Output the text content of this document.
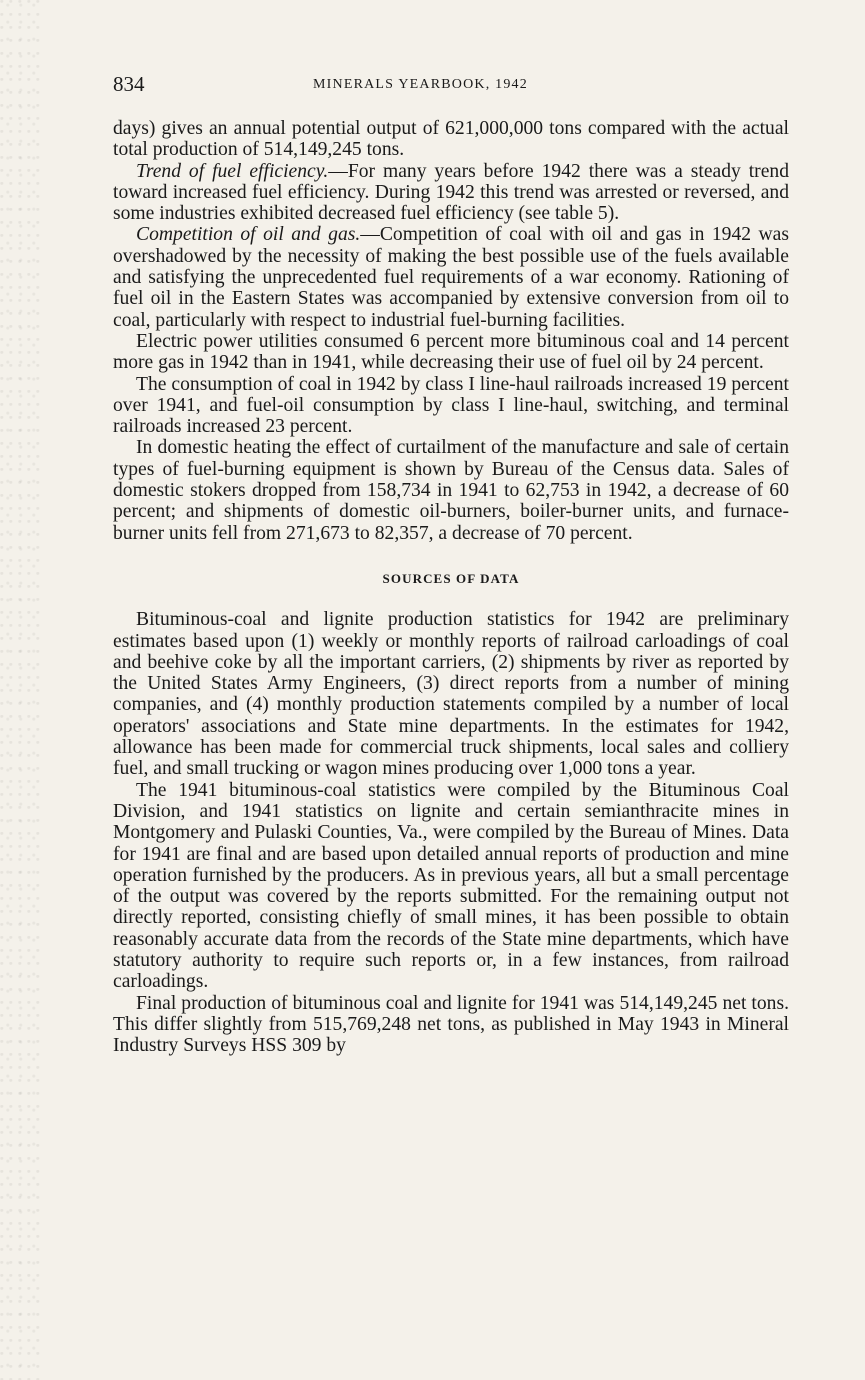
834	MINERALS YEARBOOK, 1942

days) gives an annual potential output of 621,000,000 tons compared with the actual total production of 514,149,245 tons.

Trend of fuel efficiency.—For many years before 1942 there was a steady trend toward increased fuel efficiency. During 1942 this trend was arrested or reversed, and some industries exhibited decreased fuel efficiency (see table 5).

Competition of oil and gas.—Competition of coal with oil and gas in 1942 was overshadowed by the necessity of making the best possible use of the fuels available and satisfying the unprecedented fuel requirements of a war economy. Rationing of fuel oil in the Eastern States was accompanied by extensive conversion from oil to coal, particularly with respect to industrial fuel-burning facilities.

Electric power utilities consumed 6 percent more bituminous coal and 14 percent more gas in 1942 than in 1941, while decreasing their use of fuel oil by 24 percent.

The consumption of coal in 1942 by class I line-haul railroads increased 19 percent over 1941, and fuel-oil consumption by class I line-haul, switching, and terminal railroads increased 23 percent.

In domestic heating the effect of curtailment of the manufacture and sale of certain types of fuel-burning equipment is shown by Bureau of the Census data. Sales of domestic stokers dropped from 158,734 in 1941 to 62,753 in 1942, a decrease of 60 percent; and shipments of domestic oil-burners, boiler-burner units, and furnace-burner units fell from 271,673 to 82,357, a decrease of 70 percent.

SOURCES OF DATA

Bituminous-coal and lignite production statistics for 1942 are preliminary estimates based upon (1) weekly or monthly reports of railroad carloadings of coal and beehive coke by all the important carriers, (2) shipments by river as reported by the United States Army Engineers, (3) direct reports from a number of mining companies, and (4) monthly production statements compiled by a number of local operators' associations and State mine departments. In the estimates for 1942, allowance has been made for commercial truck shipments, local sales and colliery fuel, and small trucking or wagon mines producing over 1,000 tons a year.

The 1941 bituminous-coal statistics were compiled by the Bituminous Coal Division, and 1941 statistics on lignite and certain semianthracite mines in Montgomery and Pulaski Counties, Va., were compiled by the Bureau of Mines. Data for 1941 are final and are based upon detailed annual reports of production and mine operation furnished by the producers. As in previous years, all but a small percentage of the output was covered by the reports submitted. For the remaining output not directly reported, consisting chiefly of small mines, it has been possible to obtain reasonably accurate data from the records of the State mine departments, which have statutory authority to require such reports or, in a few instances, from railroad carloadings.

Final production of bituminous coal and lignite for 1941 was 514,149,245 net tons. This differ slightly from 515,769,248 net tons, as published in May 1943 in Mineral Industry Surveys HSS 309 by
